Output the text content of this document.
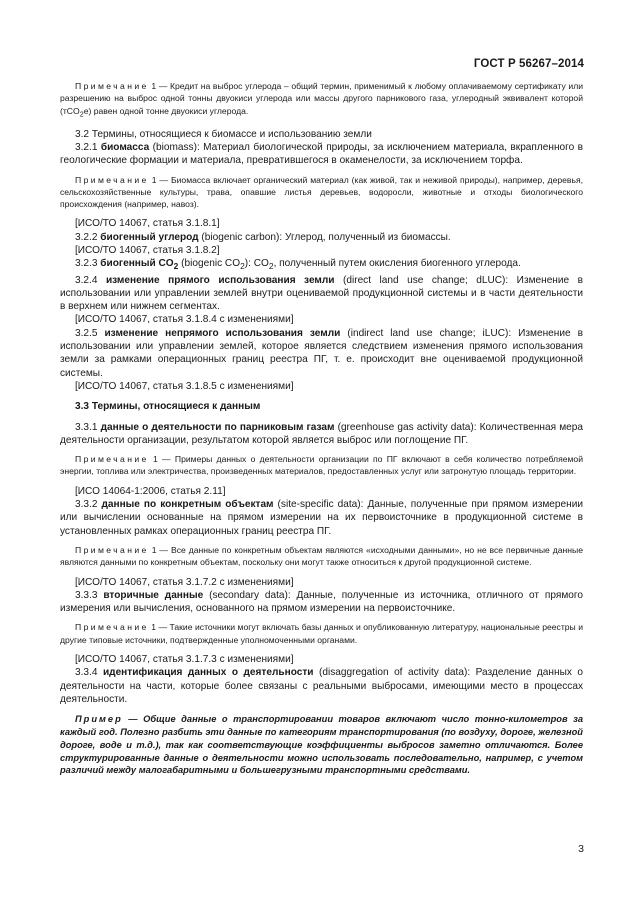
ГОСТ Р 56267–2014

Примечание 1 — Кредит на выброс углерода – общий термин, применимый к любому оплачиваемому сертификату или разрешению на выброс одной тонны двуокиси углерода или массы другого парникового газа, углеродный эквивалент которой (тCO$_2$е) равен одной тонне двуокиси углерода.

3.2 Термины, относящиеся к биомассе и использованию земли

3.2.1 биомасса (biomass): Материал биологической природы, за исключением материала, вкрапленного в геологические формации и материала, превратившегося в окаменелости, за исключением торфа.

Примечание 1 — Биомасса включает органический материал (как живой, так и неживой природы), например, деревья, сельскохозяйственные культуры, трава, опавшие листья деревьев, водоросли, животные и отходы биологического происхождения (например, навоз).

[ИСО/ТО 14067, статья 3.1.8.1]

3.2.2 биогенный углерод (biogenic carbon): Углерод, полученный из биомассы.

[ИСО/ТО 14067, статья 3.1.8.2]

3.2.3 биогенный $CO_2$ (biogenic $CO_2$): $CO_2$, полученный путем окисления биогенного углерода.

3.2.4 изменение прямого использования земли (direct land use change; dLUC): Изменение в использовании или управлении землей внутри оцениваемой продукционной системы и в части деятельности в верхнем или нижнем сегментах.

[ИСО/ТО 14067, статья 3.1.8.4 с изменениями]

3.2.5 изменение непрямого использования земли (indirect land use change; iLUC): Изменение в использовании или управлении землей, которое является следствием изменения прямого использования земли за рамками операционных границ реестра ПГ, т. е. происходит вне оцениваемой продукционной системы.

[ИСО/ТО 14067, статья 3.1.8.5 с изменениями]

3.3 Термины, относящиеся к данным

3.3.1 данные о деятельности по парниковым газам (greenhouse gas activity data): Количественная мера деятельности организации, результатом которой является выброс или поглощение ПГ.

Примечание 1 — Примеры данных о деятельности организации по ПГ включают в себя количество потребляемой энергии, топлива или электричества, произведенных материалов, предоставленных услуг или затронутую площадь территории.

[ИСО 14064-1:2006, статья 2.11]

3.3.2 данные по конкретным объектам (site-specific data): Данные, полученные при прямом измерении или вычислении основанные на прямом измерении на их первоисточнике в продукционной системе в установленных рамках операционных границ реестра ПГ.

Примечание 1 — Все данные по конкретным объектам являются «исходными данными», но не все первичные данные являются данными по конкретным объектам, поскольку они могут также относиться к другой продукционной системе.

[ИСО/ТО 14067, статья 3.1.7.2 с изменениями]

3.3.3 вторичные данные (secondary data): Данные, полученные из источника, отличного от прямого измерения или вычисления, основанного на прямом измерении на первоисточнике.

Примечание 1 — Такие источники могут включать базы данных и опубликованную литературу, национальные реестры и другие типовые источники, подтвержденные уполномоченными органами.

[ИСО/ТО 14067, статья 3.1.7.3 с изменениями]

3.3.4 идентификация данных о деятельности (disaggregation of activity data): Разделение данных о деятельности на части, которые более связаны с реальными выбросами, имеющими место в процессах деятельности.

Пример — Общие данные о транспортировании товаров включают число тонно-километров за каждый год. Полезно разбить эти данные по категориям транспортирования (по воздуху, дороге, железной дороге, воде и т.д.), так как соответствующие коэффициенты выбросов заметно отличаются. Более структурированные данные о деятельности можно использовать последовательно, например, с учетом различий между малогабаритными и большегрузными транспортными средствами.

3
